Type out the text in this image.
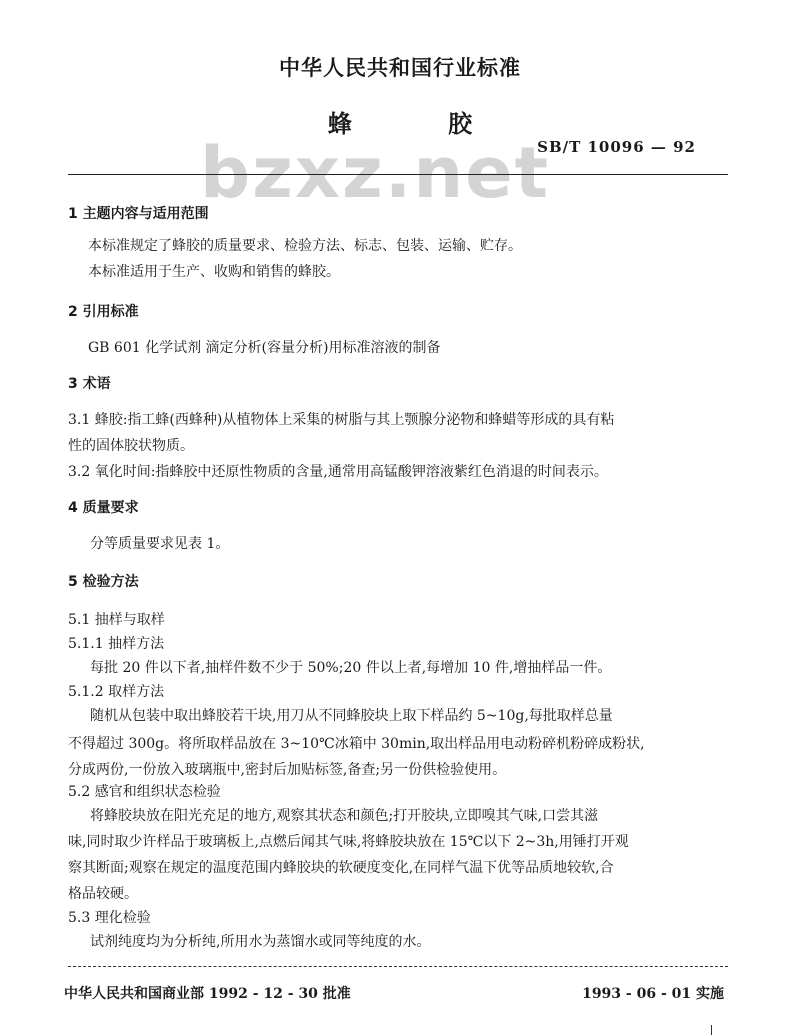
bzxz.net
中华人民共和国行业标准
蜂 胶
SB/T 10096 — 92
1 主题内容与适用范围
本标准规定了蜂胶的质量要求、检验方法、标志、包装、运输、贮存。
本标准适用于生产、收购和销售的蜂胶。
2 引用标准
GB 601 化学试剂 滴定分析(容量分析)用标准溶液的制备
3 术语
3.1 蜂胶:指工蜂(西蜂种)从植物体上采集的树脂与其上颚腺分泌物和蜂蜡等形成的具有粘
性的固体胶状物质。
3.2 氧化时间:指蜂胶中还原性物质的含量,通常用高锰酸钾溶液紫红色消退的时间表示。
4 质量要求
分等质量要求见表 1。
5 检验方法
5.1 抽样与取样
5.1.1 抽样方法
每批 20 件以下者,抽样件数不少于 50%;20 件以上者,每增加 10 件,增抽样品一件。
5.1.2 取样方法
随机从包装中取出蜂胶若干块,用刀从不同蜂胶块上取下样品约 5~10g,每批取样总量
不得超过 300g。将所取样品放在 3~10℃冰箱中 30min,取出样品用电动粉碎机粉碎成粉状,
分成两份,一份放入玻璃瓶中,密封后加贴标签,备查;另一份供检验使用。
5.2 感官和组织状态检验
将蜂胶块放在阳光充足的地方,观察其状态和颜色;打开胶块,立即嗅其气味,口尝其滋
味,同时取少许样品于玻璃板上,点燃后闻其气味,将蜂胶块放在 15℃以下 2~3h,用锤打开观
察其断面;观察在规定的温度范围内蜂胶块的软硬度变化,在同样气温下优等品质地较软,合
格品较硬。
5.3 理化检验
试剂纯度均为分析纯,所用水为蒸馏水或同等纯度的水。
中华人民共和国商业部 1992 - 12 - 30 批准	1993 - 06 - 01 实施
